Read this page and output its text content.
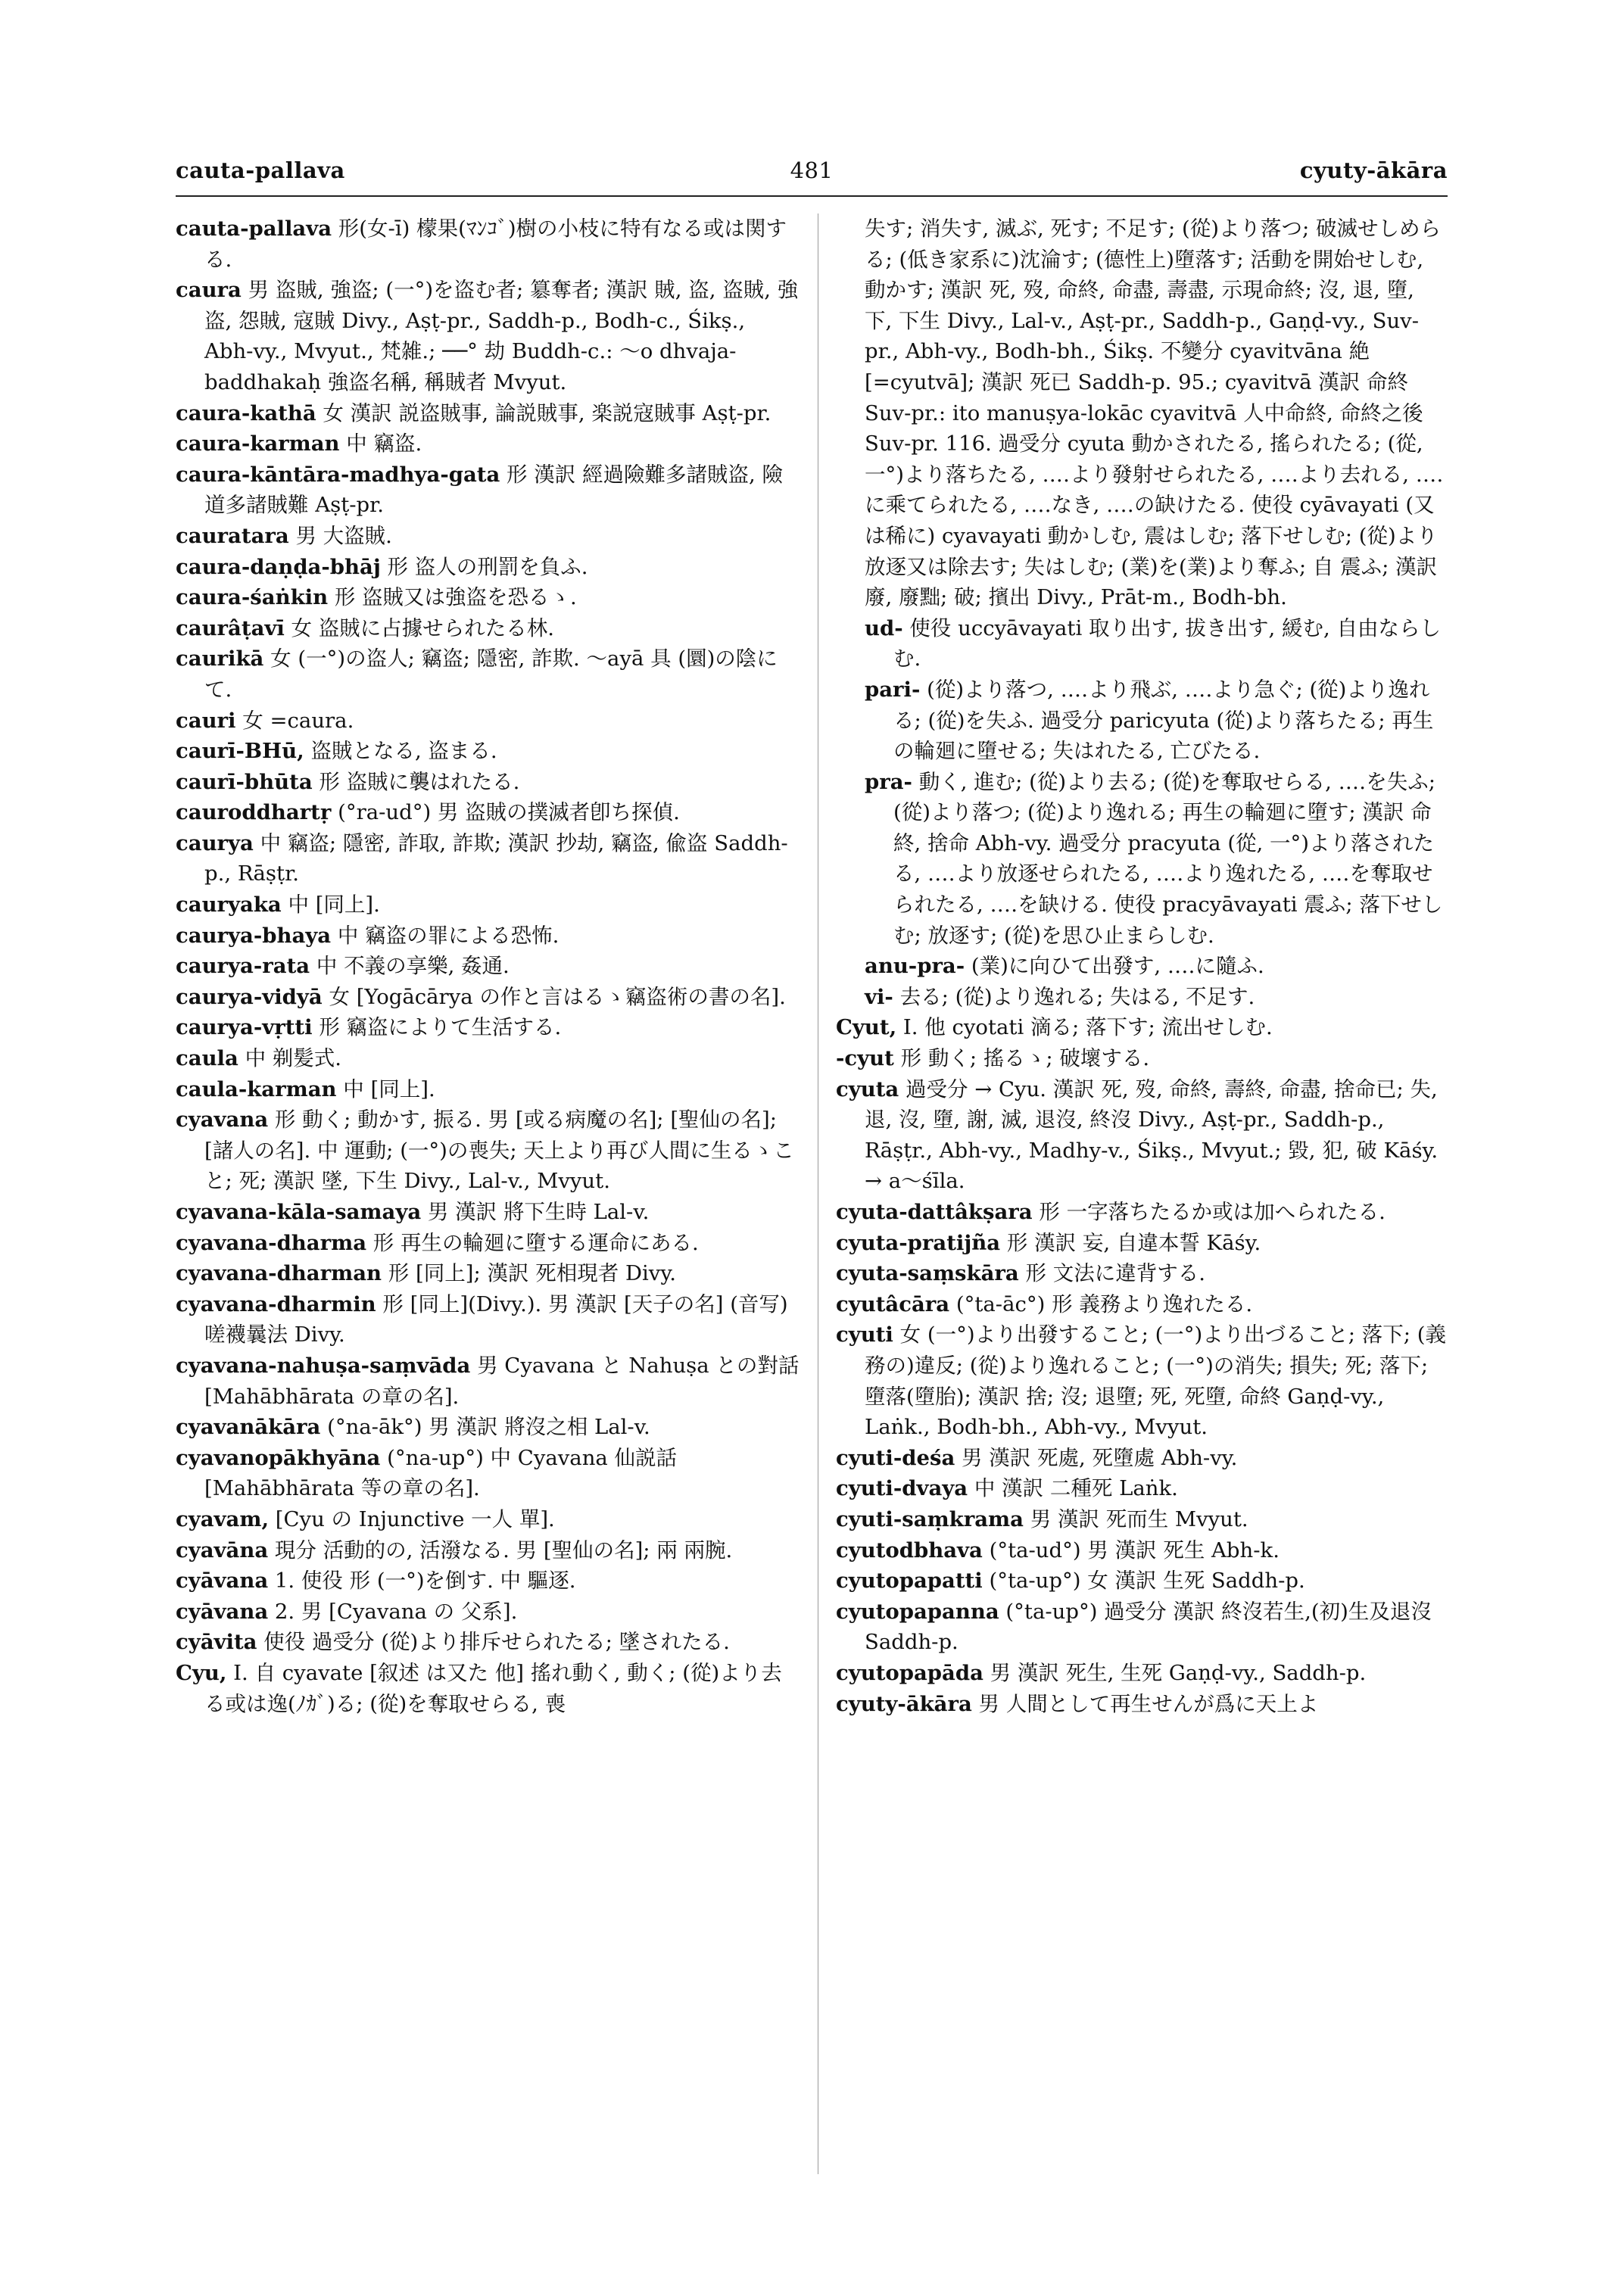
481
cauta-pallava	cyuty-ākāra

cauta-pallava 形(女-ī) 檬果(ﾏﾝｺﾞ)樹の小枝に特有なる或は関する.

caura 男 盗賊, 強盗; (一°)を盗む者; 簒奪者; 漢訳 賊, 盗, 盗賊, 強盗, 怨賊, 寇賊 Divy., Aṣṭ-pr., Saddh-p., Bodh-c., Śikṣ., Abh-vy., Mvyut., 梵雑.; ──° 劫 Buddh-c.: ～o dhvaja-baddhakaḥ 強盗名稱, 稱賊者 Mvyut.

caura-kathā 女 漢訳 説盗賊事, 論説賊事, 楽説寇賊事 Aṣṭ-pr.

caura-karman 中 竊盗.

caura-kāntāra-madhya-gata 形 漢訳 經過險難多諸賊盗, 險道多諸賊難 Aṣṭ-pr.

cauratara 男 大盗賊.

caura-daṇḍa-bhāj 形 盗人の刑罰を負ふ.

caura-śaṅkin 形 盗賊又は強盗を恐るゝ.

caurâṭavī 女 盗賊に占據せられたる林.

caurikā 女 (一°)の盗人; 竊盗; 隱密, 詐欺. ～ayā 具 (圜)の陰にて.

cauri 女 =caura.

caurī-BHū, 盗賊となる, 盗まる.

caurī-bhūta 形 盗賊に襲はれたる.

cauroddhartṛ (°ra-ud°) 男 盗賊の撲滅者卽ち探偵.

caurya 中 竊盗; 隱密, 詐取, 詐欺; 漢訳 抄劫, 竊盗, 偸盗 Saddh-p., Rāṣṭr.

cauryaka 中 [同上].

caurya-bhaya 中 竊盗の罪による恐怖.

caurya-rata 中 不義の享樂, 姦通.

caurya-vidyā 女 [Yogācārya の作と言はるゝ竊盗術の書の名].

caurya-vṛtti 形 竊盗によりて生活する.

caula 中 剃髪式.

caula-karman 中 [同上].

cyavana 形 動く; 動かす, 振る. 男 [或る病魔の名]; [聖仙の名]; [諸人の名]. 中 運動; (一°)の喪失; 天上より再び人間に生るゝこと; 死; 漢訳 墜, 下生 Divy., Lal-v., Mvyut.

cyavana-kāla-samaya 男 漢訳 將下生時 Lal-v.

cyavana-dharma 形 再生の輪廻に墮する運命にある.

cyavana-dharman 形 [同上]; 漢訳 死相現者 Divy.

cyavana-dharmin 形 [同上](Divy.). 男 漢訳 [天子の名] (音写)嗟襪曩法 Divy.

cyavana-nahuṣa-saṃvāda 男 Cyavana と Nahuṣa との對話 [Mahābhārata の章の名].

cyavanākāra (°na-āk°) 男 漢訳 將沒之相 Lal-v.

cyavanopākhyāna (°na-up°) 中 Cyavana 仙説話 [Mahābhārata 等の章の名].

cyavam, [Cyu の Injunctive 一人 單].

cyavāna 現分 活動的の, 活潑なる. 男 [聖仙の名]; 兩 兩腕.

cyāvana 1. 使役 形 (一°)を倒す. 中 驅逐.

cyāvana 2. 男 [Cyavana の 父系].

cyāvita 使役 過受分 (從)より排斥せられたる; 墜されたる.

Cyu, I. 自 cyavate [叙述 は又た 他] 搖れ動く, 動く; (從)より去る或は逸(ﾉｶﾞ)る; (從)を奪取せらる, 喪

失す; 消失す, 滅ぶ, 死す; 不足す; (從)より落つ; 破滅せしめらる; (低き家系に)沈淪す; (德性上)墮落す; 活動を開始せしむ, 動かす; 漢訳 死, 歿, 命終, 命盡, 壽盡, 示現命終; 沒, 退, 墮, 下, 下生 Divy., Lal-v., Aṣṭ-pr., Saddh-p., Gaṇḍ-vy., Suv-pr., Abh-vy., Bodh-bh., Śikṣ. 不變分 cyavitvāna 絶 [=cyutvā]; 漢訳 死已 Saddh-p. 95.; cyavitvā 漢訳 命終 Suv-pr.: ito manuṣya-lokāc cyavitvā 人中命終, 命終之後 Suv-pr. 116. 過受分 cyuta 動かされたる, 搖られたる; (從, 一°)より落ちたる, ‥‥より發射せられたる, ‥‥より去れる, ‥‥に乘てられたる, ‥‥なき, ‥‥の缺けたる. 使役 cyāvayati (又は稀に) cyavayati 動かしむ, 震はしむ; 落下せしむ; (從)より放逐又は除去す; 失はしむ; (業)を(業)より奪ふ; 自 震ふ; 漢訳 廢, 廢黜; 破; 擯出 Divy., Prāt-m., Bodh-bh.

ud- 使役 uccyāvayati 取り出す, 拔き出す, 緩む, 自由ならしむ.

pari- (從)より落つ, ‥‥より飛ぶ, ‥‥より急ぐ; (從)より逸れる; (從)を失ふ. 過受分 paricyuta (從)より落ちたる; 再生の輪廻に墮せる; 失はれたる, 亡びたる.

pra- 動く, 進む; (從)より去る; (從)を奪取せらる, ‥‥を失ふ; (從)より落つ; (從)より逸れる; 再生の輪廻に墮す; 漢訳 命終, 捨命 Abh-vy. 過受分 pracyuta (從, 一°)より落されたる, ‥‥より放逐せられたる, ‥‥より逸れたる, ‥‥を奪取せられたる, ‥‥を缺ける. 使役 pracyāvayati 震ふ; 落下せしむ; 放逐す; (從)を思ひ止まらしむ.

anu-pra- (業)に向ひて出發す, ‥‥に隨ふ.

vi- 去る; (從)より逸れる; 失はる, 不足す.

Cyut, I. 他 cyotati 滴る; 落下す; 流出せしむ.

-cyut 形 動く; 搖るゝ; 破壞する.

cyuta 過受分 → Cyu. 漢訳 死, 歿, 命終, 壽終, 命盡, 捨命已; 失, 退, 沒, 墮, 謝, 滅, 退沒, 終沒 Divy., Aṣṭ-pr., Saddh-p., Rāṣṭr., Abh-vy., Madhy-v., Śikṣ., Mvyut.; 毀, 犯, 破 Kāśy. → a～śīla.

cyuta-dattâkṣara 形 一字落ちたるか或は加へられたる.

cyuta-pratijña 形 漢訳 妄, 自違本誓 Kāśy.

cyuta-saṃskāra 形 文法に違背する.

cyutâcāra (°ta-āc°) 形 義務より逸れたる.

cyuti 女 (一°)より出發すること; (一°)より出づること; 落下; (義務の)違反; (從)より逸れること; (一°)の消失; 損失; 死; 落下; 墮落(墮胎); 漢訳 捨; 沒; 退墮; 死, 死墮, 命終 Gaṇḍ-vy., Laṅk., Bodh-bh., Abh-vy., Mvyut.

cyuti-deśa 男 漢訳 死處, 死墮處 Abh-vy.

cyuti-dvaya 中 漢訳 二種死 Laṅk.

cyuti-saṃkrama 男 漢訳 死而生 Mvyut.

cyutodbhava (°ta-ud°) 男 漢訳 死生 Abh-k.

cyutopapatti (°ta-up°) 女 漢訳 生死 Saddh-p.

cyutopapanna (°ta-up°) 過受分 漢訳 終沒若生,(初)生及退沒 Saddh-p.

cyutopapāda 男 漢訳 死生, 生死 Gaṇḍ-vy., Saddh-p.

cyuty-ākāra 男 人間として再生せんが爲に天上よ
